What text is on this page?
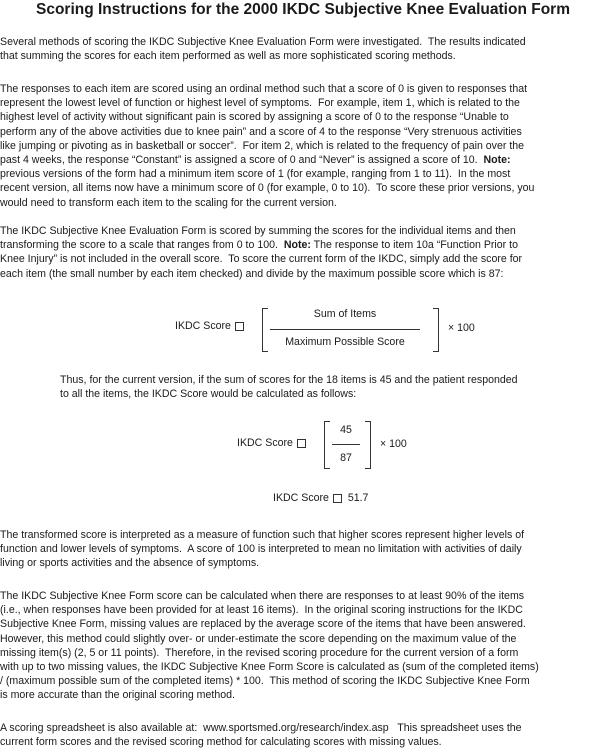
Scoring Instructions for the 2000 IKDC Subjective Knee Evaluation Form
Several methods of scoring the IKDC Subjective Knee Evaluation Form were investigated.  The results indicated
that summing the scores for each item performed as well as more sophisticated scoring methods.
The responses to each item are scored using an ordinal method such that a score of 0 is given to responses that
represent the lowest level of function or highest level of symptoms.  For example, item 1, which is related to the
highest level of activity without significant pain is scored by assigning a score of 0 to the response “Unable to
perform any of the above activities due to knee pain” and a score of 4 to the response “Very strenuous activities
like jumping or pivoting as in basketball or soccer”.  For item 2, which is related to the frequency of pain over the
past 4 weeks, the response “Constant” is assigned a score of 0 and “Never” is assigned a score of 10.  Note:
previous versions of the form had a minimum item score of 1 (for example, ranging from 1 to 11).  In the most
recent version, all items now have a minimum score of 0 (for example, 0 to 10).  To score these prior versions, you
would need to transform each item to the scaling for the current version.
The IKDC Subjective Knee Evaluation Form is scored by summing the scores for the individual items and then
transforming the score to a scale that ranges from 0 to 100.  Note: The response to item 10a “Function Prior to
Knee Injury” is not included in the overall score.  To score the current form of the IKDC, simply add the score for
each item (the small number by each item checked) and divide by the maximum possible score which is 87:
IKDC Score
Sum of Items
Maximum Possible Score
× 100
Thus, for the current version, if the sum of scores for the 18 items is 45 and the patient responded
to all the items, the IKDC Score would be calculated as follows:
IKDC Score
45
87
× 100
IKDC Score 51.7
The transformed score is interpreted as a measure of function such that higher scores represent higher levels of
function and lower levels of symptoms.  A score of 100 is interpreted to mean no limitation with activities of daily
living or sports activities and the absence of symptoms.
The IKDC Subjective Knee Form score can be calculated when there are responses to at least 90% of the items
(i.e., when responses have been provided for at least 16 items).  In the original scoring instructions for the IKDC
Subjective Knee Form, missing values are replaced by the average score of the items that have been answered.
However, this method could slightly over- or under-estimate the score depending on the maximum value of the
missing item(s) (2, 5 or 11 points).  Therefore, in the revised scoring procedure for the current version of a form
with up to two missing values, the IKDC Subjective Knee Form Score is calculated as (sum of the completed items)
/ (maximum possible sum of the completed items) * 100.  This method of scoring the IKDC Subjective Knee Form
is more accurate than the original scoring method.
A scoring spreadsheet is also available at:  www.sportsmed.org/research/index.asp   This spreadsheet uses the
current form scores and the revised scoring method for calculating scores with missing values.
